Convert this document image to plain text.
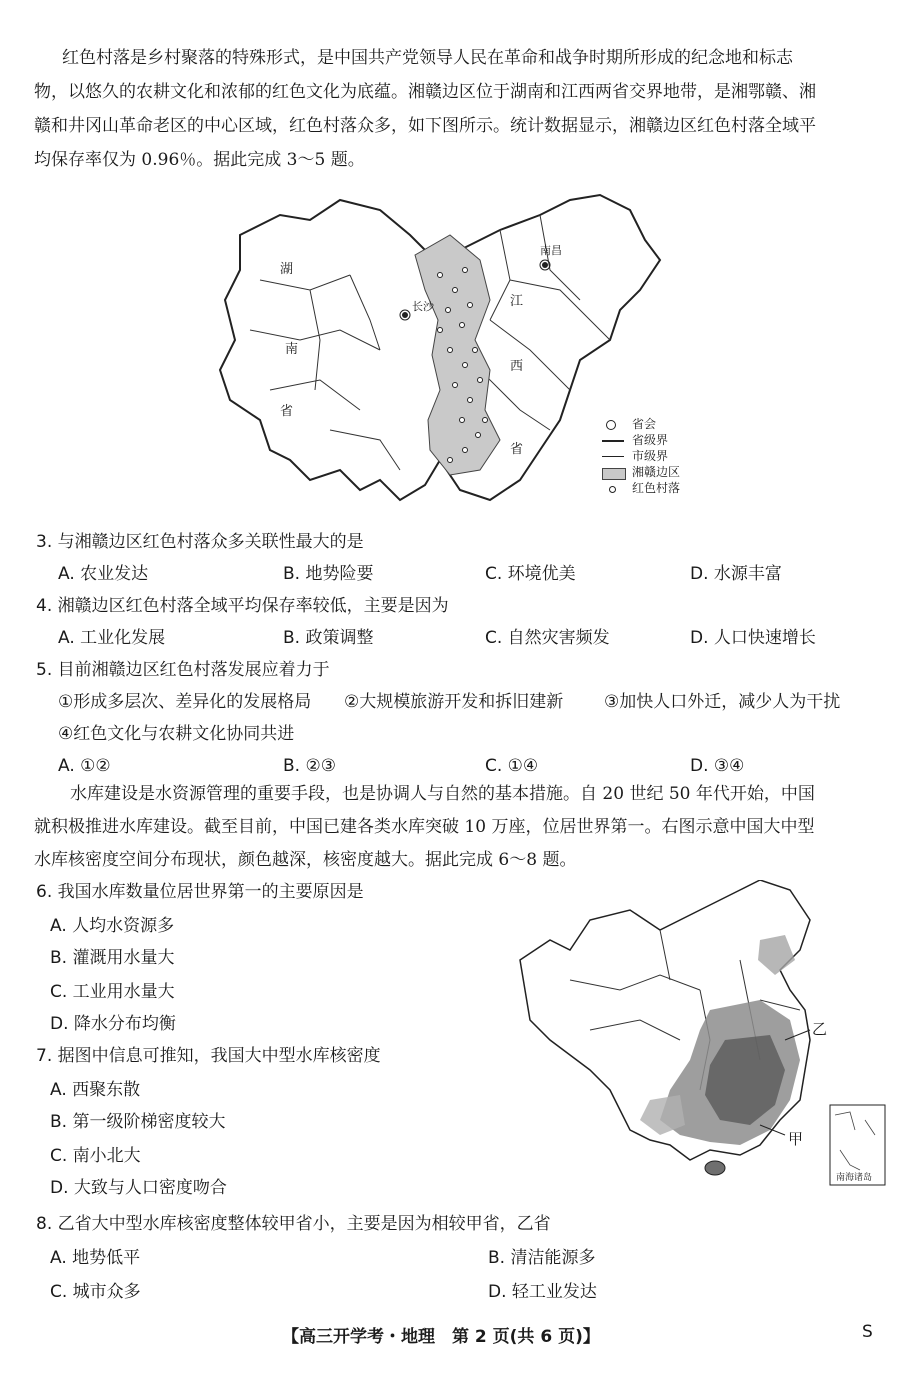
红色村落是乡村聚落的特殊形式，是中国共产党领导人民在革命和战争时期所形成的纪念地和标志
物，以悠久的农耕文化和浓郁的红色文化为底蕴。湘赣边区位于湖南和江西两省交界地带，是湘鄂赣、湘
赣和井冈山革命老区的中心区域，红色村落众多，如下图所示。统计数据显示，湘赣边区红色村落全域平
均保存率仅为 0.96％。据此完成 3～5 题。
湖
南
省
江
西
省
长沙
南昌
省会
省级界
市级界
湘赣边区
红色村落
3. 与湘赣边区红色村落众多关联性最大的是
A. 农业发达	B. 地势险要	C. 环境优美	D. 水源丰富
4. 湘赣边区红色村落全域平均保存率较低，主要是因为
A. 工业化发展	B. 政策调整	C. 自然灾害频发	D. 人口快速增长
5. 目前湘赣边区红色村落发展应着力于
①形成多层次、差异化的发展格局 ②大规模旅游开发和拆旧建新 ③加快人口外迁，减少人为干扰
④红色文化与农耕文化协同共进
A. ①②	B. ②③	C. ①④	D. ③④
水库建设是水资源管理的重要手段，也是协调人与自然的基本措施。自 20 世纪 50 年代开始，中国
就积极推进水库建设。截至目前，中国已建各类水库突破 10 万座，位居世界第一。右图示意中国大中型
水库核密度空间分布现状，颜色越深，核密度越大。据此完成 6～8 题。
6. 我国水库数量位居世界第一的主要原因是
A. 人均水资源多
B. 灌溉用水量大
C. 工业用水量大
D. 降水分布均衡
7. 据图中信息可推知，我国大中型水库核密度
A. 西聚东散
B. 第一级阶梯密度较大
C. 南小北大
D. 大致与人口密度吻合
乙
甲
南海诸岛
8. 乙省大中型水库核密度整体较甲省小，主要是因为相较甲省，乙省
A. 地势低平	B. 清洁能源多
C. 城市众多	D. 轻工业发达
【高三开学考・地理　第 2 页(共 6 页)】	S
